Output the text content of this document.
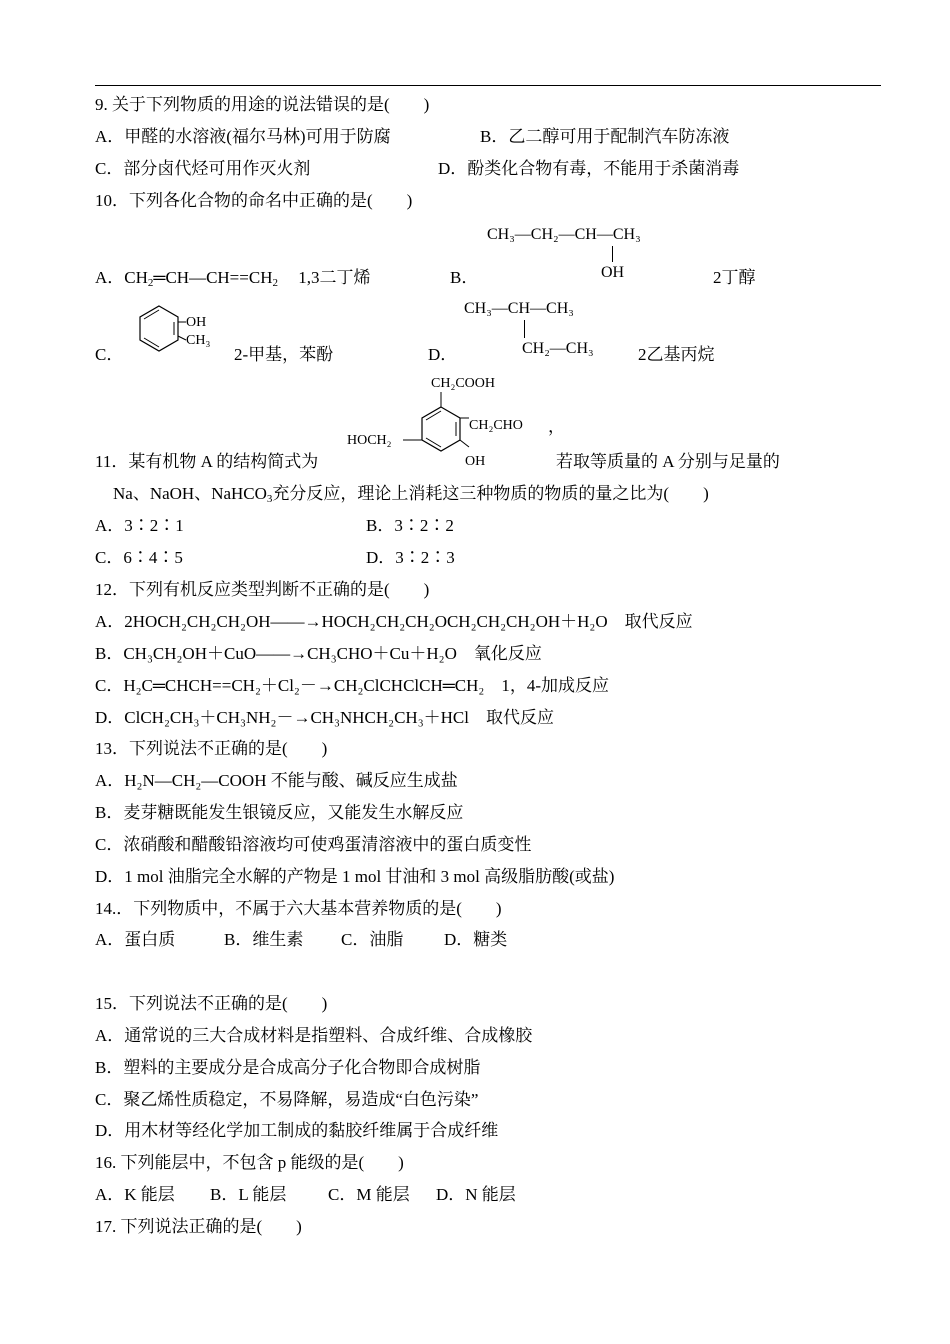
9. 关于下列物质的用途的说法错误的是(　　)
A．甲醛的水溶液(福尔马林)可用于防腐	B．乙二醇可用于配制汽车防冻液
C．部分卤代烃可用作灭火剂	D．酚类化合物有毒，不能用于杀菌消毒
10．下列各化合物的命名中正确的是(　　)
A．$CH_2═CH—CH==CH_2$ 1,3二丁烯	B．
CH₃—CH₂—CH—CH₃
OH	2丁醇
C．
OH
CH₃
2-甲基，苯酚	D．
CH₃—CH—CH₃
CH₂—CH₃	2乙基丙烷
CH₂COOH
CH₂CHO
HOCH₂
OH
，
11．某有机物 A 的结构简式为	若取等质量的 A 分别与足量的
Na、NaOH、NaHCO$_3$充分反应，理论上消耗这三种物质的物质的量之比为(　　)
A．3∶2∶1	B．3∶2∶2
C．6∶4∶5	D．3∶2∶3
12．下列有机反应类型判断不正确的是(　　)
A．2HOCH₂CH₂CH₂OH——→HOCH₂CH₂CH₂OCH₂CH₂CH₂OH＋H₂O　取代反应
B．CH₃CH₂OH＋CuO——→CH₃CHO＋Cu＋H₂O　氧化反应
C．H₂C═CHCH==CH₂＋Cl₂－→CH₂ClCHClCH═CH₂　1，4-加成反应
D．ClCH₂CH₃＋CH₃NH₂－→CH₃NHCH₂CH₃＋HCl　取代反应
13．下列说法不正确的是(　　)
A．H₂N—CH₂—COOH 不能与酸、碱反应生成盐
B．麦芽糖既能发生银镜反应，又能发生水解反应
C．浓硝酸和醋酸铅溶液均可使鸡蛋清溶液中的蛋白质变性
D．1 mol 油脂完全水解的产物是 1 mol 甘油和 3 mol 高级脂肪酸(或盐)
14.．下列物质中，不属于六大基本营养物质的是(　　)
A．蛋白质	B．维生素 C．油脂 D．糖类
15．下列说法不正确的是(　　)
A．通常说的三大合成材料是指塑料、合成纤维、合成橡胶
B．塑料的主要成分是合成高分子化合物即合成树脂
C．聚乙烯性质稳定，不易降解，易造成“白色污染”
D．用木材等经化学加工制成的黏胶纤维属于合成纤维
16. 下列能层中，不包含 p 能级的是(　　)
A．K 能层 B．L 能层 C．M 能层 D．N 能层
17. 下列说法正确的是(　　)
